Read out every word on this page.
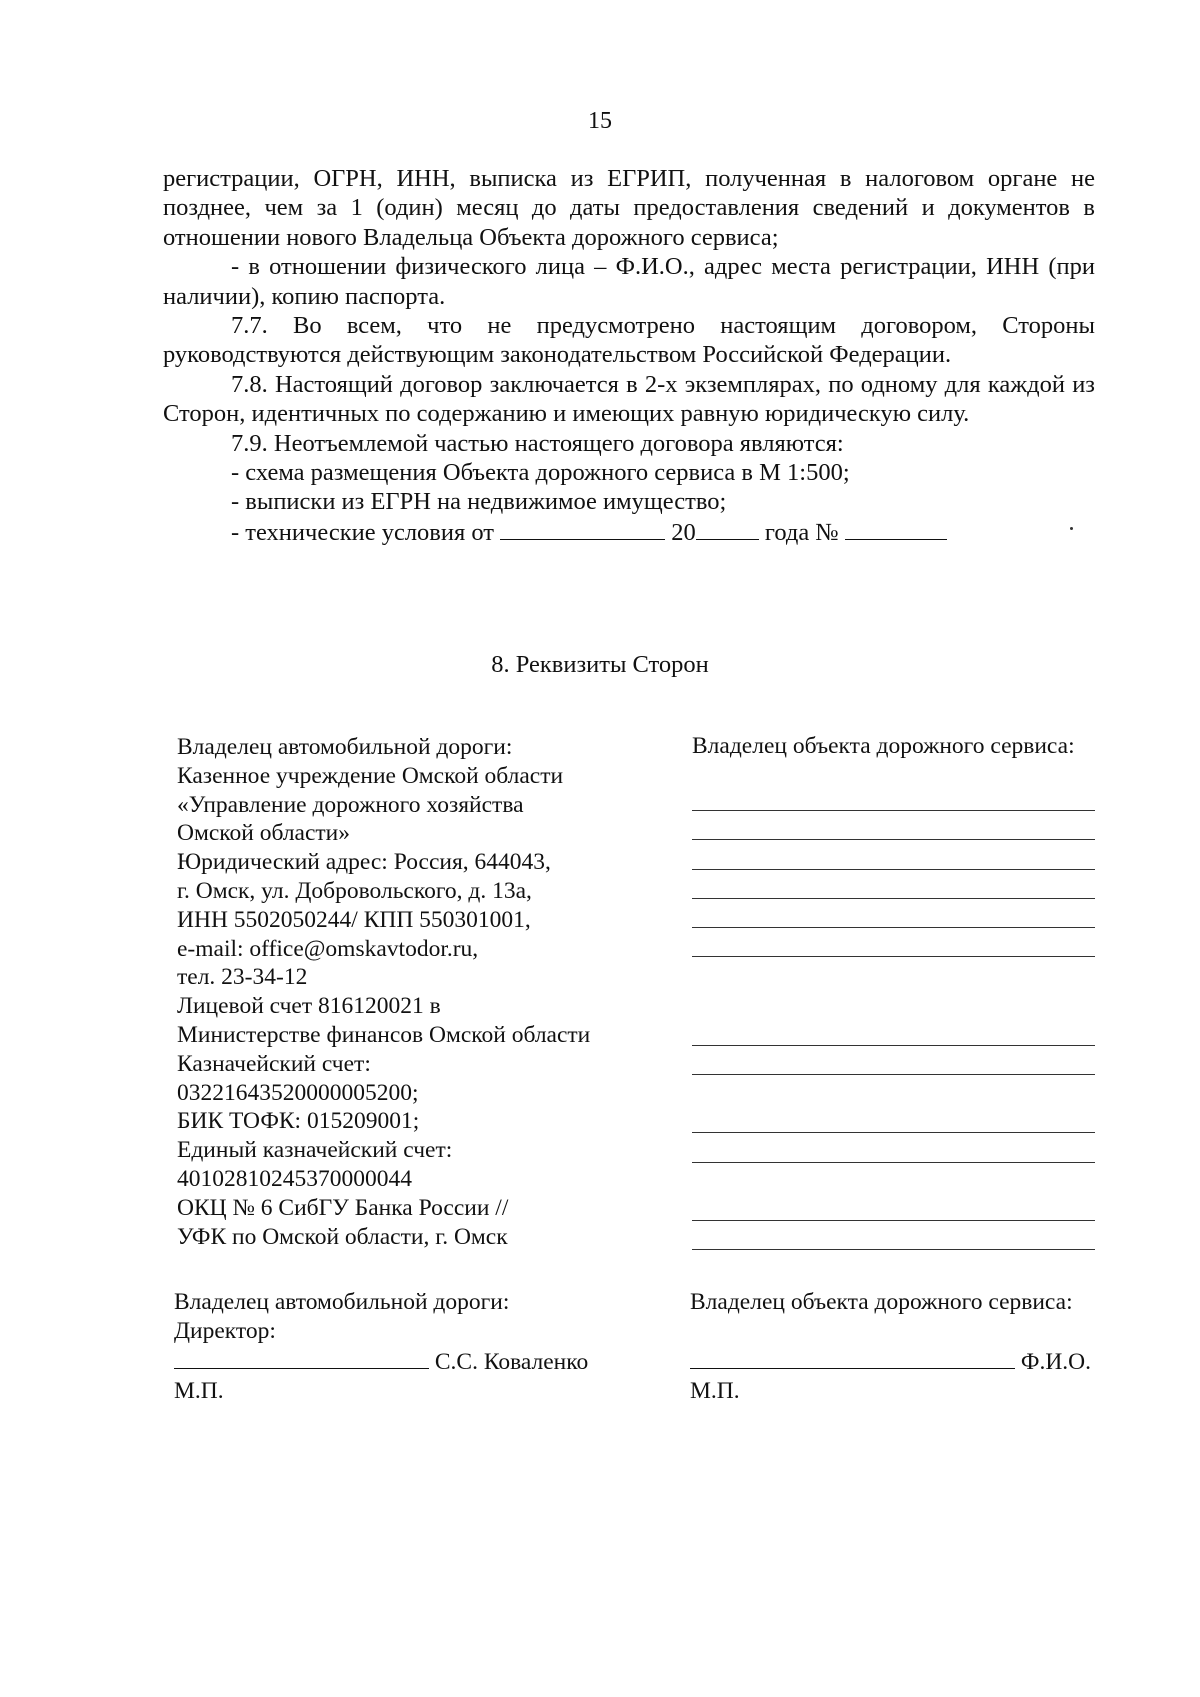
15

регистрации, ОГРН, ИНН, выписка из ЕГРИП, полученная в налоговом органе не позднее, чем за 1 (один) месяц до даты предоставления сведений и документов в отношении нового Владельца Объекта дорожного сервиса;

- в отношении физического лица – Ф.И.О., адрес места регистрации, ИНН (при наличии), копию паспорта.

7.7. Во всем, что не предусмотрено настоящим договором, Стороны руководствуются действующим законодательством Российской Федерации.

7.8. Настоящий договор заключается в 2-х экземплярах, по одному для каждой из Сторон, идентичных по содержанию и имеющих равную юридическую силу.

7.9. Неотъемлемой частью настоящего договора являются:
- схема размещения Объекта дорожного сервиса в М 1:500;
- выписки из ЕГРН на недвижимое имущество;
- технические условия от	20	года №
8. Реквизиты Сторон
Владелец автомобильной дороги:
Казенное учреждение Омской области
«Управление дорожного хозяйства
Омской области»
Юридический адрес: Россия, 644043,
г. Омск, ул. Добровольского, д. 13а,
ИНН 5502050244/ КПП 550301001,
e-mail: office@omskavtodor.ru,
тел. 23-34-12
Лицевой счет 816120021 в
Министерстве финансов Омской области
Казначейский счет:
03221643520000005200;
БИК ТОФК: 015209001;
Единый казначейский счет:
40102810245370000044
ОКЦ № 6 СибГУ Банка России //
УФК по Омской области, г. Омск
Владелец объекта дорожного сервиса:
Владелец автомобильной дороги:
Директор:
С.С. Коваленко
М.П.
Владелец объекта дорожного сервиса:
Ф.И.О.
М.П.
